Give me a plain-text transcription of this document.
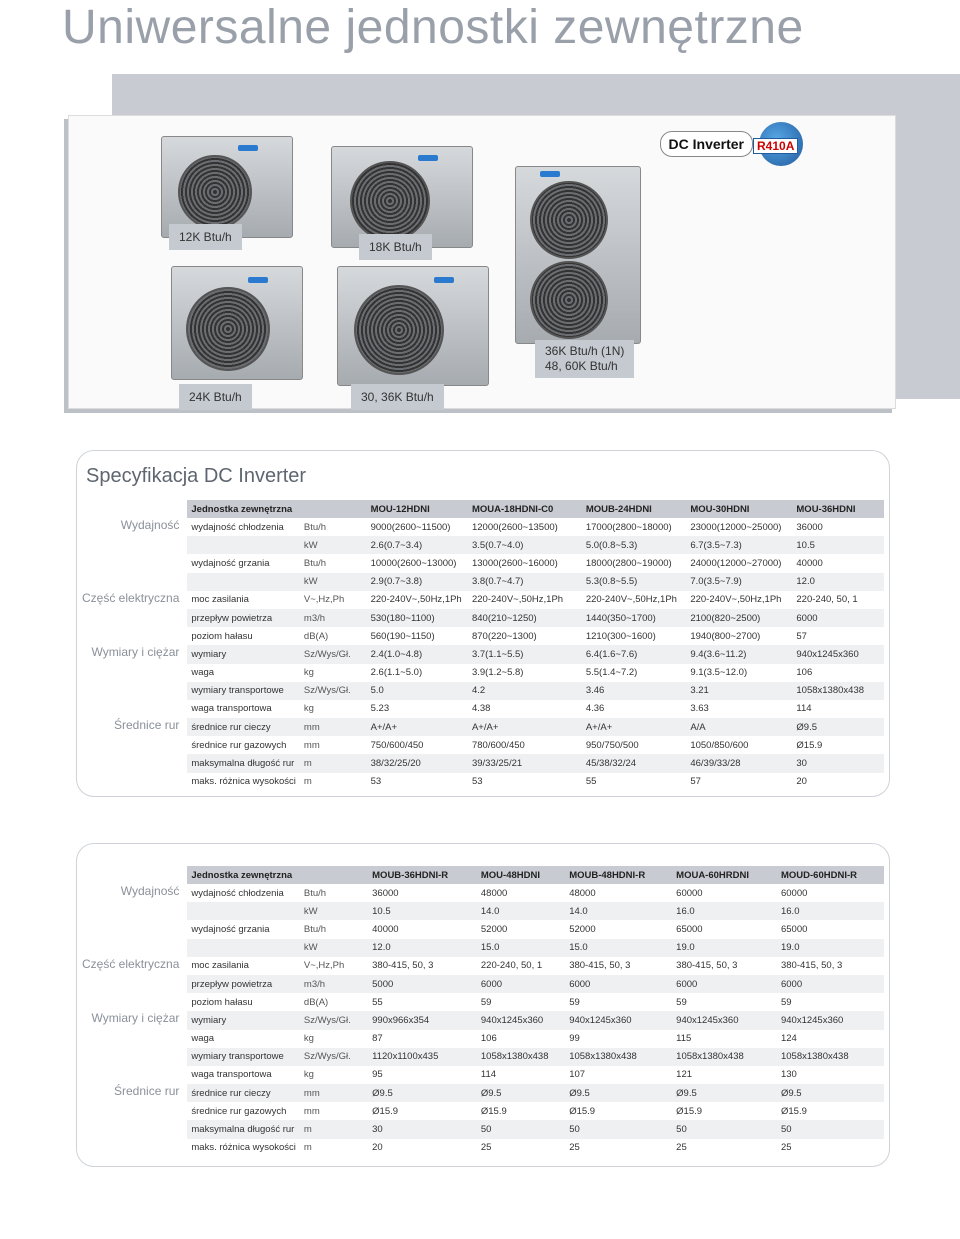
Uniwersalne jednostki zewnętrzne
DC Inverter	R410A
12K Btu/h
18K Btu/h
24K Btu/h	30, 36K Btu/h
36K Btu/h (1N)
48, 60K Btu/h
Specyfikacja DC Inverter
	Jednostka zewnętrzna		MOU-12HDNI	MOUA-18HDNI-C0	MOUB-24HDNI	MOU-30HDNI	MOU-36HDNI
Wydajność	wydajność chłodzenia	Btu/h	9000(2600~11500)	12000(2600~13500)	17000(2800~18000)	23000(12000~25000)	36000
		kW	2.6(0.7~3.4)	3.5(0.7~4.0)	5.0(0.8~5.3)	6.7(3.5~7.3)	10.5
	wydajność grzania	Btu/h	10000(2600~13000)	13000(2600~16000)	18000(2800~19000)	24000(12000~27000)	40000
		kW	2.9(0.7~3.8)	3.8(0.7~4.7)	5.3(0.8~5.5)	7.0(3.5~7.9)	12.0
Część elektryczna	moc zasilania	V~,Hz,Ph	220-240V~,50Hz,1Ph	220-240V~,50Hz,1Ph	220-240V~,50Hz,1Ph	220-240V~,50Hz,1Ph	220-240, 50, 1
	przepływ powietrza	m3/h	530(180~1100)	840(210~1250)	1440(350~1700)	2100(820~2500)	6000
	poziom hałasu	dB(A)	560(190~1150)	870(220~1300)	1210(300~1600)	1940(800~2700)	57
Wymiary i ciężar	wymiary	Sz/Wys/Gł.	2.4(1.0~4.8)	3.7(1.1~5.5)	6.4(1.6~7.6)	9.4(3.6~11.2)	940x1245x360
	waga	kg	2.6(1.1~5.0)	3.9(1.2~5.8)	5.5(1.4~7.2)	9.1(3.5~12.0)	106
	wymiary transportowe	Sz/Wys/Gł.	5.0	4.2	3.46	3.21	1058x1380x438
	waga transportowa	kg	5.23	4.38	4.36	3.63	114
Średnice rur	średnice rur cieczy	mm	A+/A+	A+/A+	A+/A+	A/A	Ø9.5
	średnice rur gazowych	mm	750/600/450	780/600/450	950/750/500	1050/850/600	Ø15.9
	maksymalna długość rur	m	38/32/25/20	39/33/25/21	45/38/32/24	46/39/33/28	30
	maks. różnica wysokości	m	53	53	55	57	20
	Jednostka zewnętrzna		MOUB-36HDNI-R	MOU-48HDNI	MOUB-48HDNI-R	MOUA-60HRDNI	MOUD-60HDNI-R
Wydajność	wydajność chłodzenia	Btu/h	36000	48000	48000	60000	60000
		kW	10.5	14.0	14.0	16.0	16.0
	wydajność grzania	Btu/h	40000	52000	52000	65000	65000
		kW	12.0	15.0	15.0	19.0	19.0
Część elektryczna	moc zasilania	V~,Hz,Ph	380-415, 50, 3	220-240, 50, 1	380-415, 50, 3	380-415, 50, 3	380-415, 50, 3
	przepływ powietrza	m3/h	5000	6000	6000	6000	6000
	poziom hałasu	dB(A)	55	59	59	59	59
Wymiary i ciężar	wymiary	Sz/Wys/Gł.	990x966x354	940x1245x360	940x1245x360	940x1245x360	940x1245x360
	waga	kg	87	106	99	115	124
	wymiary transportowe	Sz/Wys/Gł.	1120x1100x435	1058x1380x438	1058x1380x438	1058x1380x438	1058x1380x438
	waga transportowa	kg	95	114	107	121	130
Średnice rur	średnice rur cieczy	mm	Ø9.5	Ø9.5	Ø9.5	Ø9.5	Ø9.5
	średnice rur gazowych	mm	Ø15.9	Ø15.9	Ø15.9	Ø15.9	Ø15.9
	maksymalna długość rur	m	30	50	50	50	50
	maks. różnica wysokości	m	20	25	25	25	25
